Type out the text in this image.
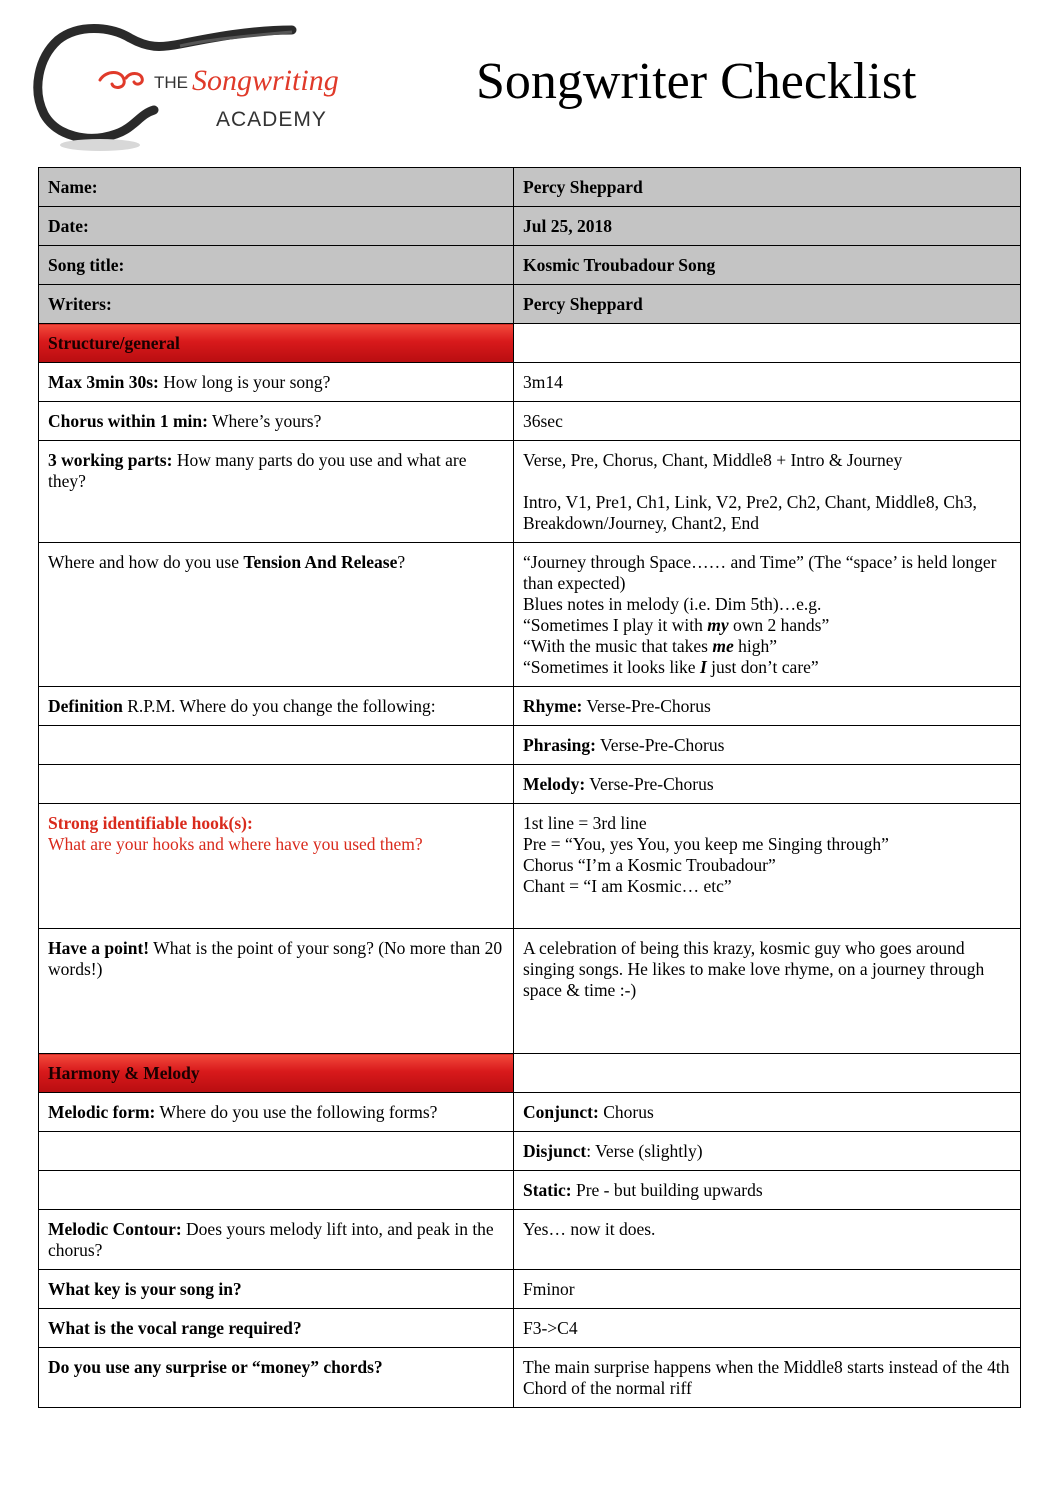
THE Songwriting
ACADEMY
Songwriter Checklist
Name:	Percy Sheppard
Date:	Jul 25, 2018
Song title:	Kosmic Troubadour Song
Writers:	Percy Sheppard
Structure/general	
Max 3min 30s: How long is your song?	3m14
Chorus within 1 min: Where’s yours?	36sec
3 working parts: How many parts do you use and what are they?	Verse, Pre, Chorus, Chant, Middle8 + Intro & Journey
Intro, V1, Pre1, Ch1, Link, V2, Pre2, Ch2, Chant, Middle8, Ch3, Breakdown/Journey, Chant2, End

Where and how do you use Tension And Release?	“Journey through Space…… and Time” (The “space’ is held longer than expected)
Blues notes in melody (i.e. Dim 5th)…e.g.
“Sometimes I play it with my own 2 hands”
“With the music that takes me high”
“Sometimes it looks like I just don’t care”

Definition R.P.M. Where do you change the following:	Rhyme: Verse-Pre-Chorus
	Phrasing: Verse-Pre-Chorus
	Melody: Verse-Pre-Chorus

Strong identifiable hook(s):
What are your hooks and where have you used them?	1st line = 3rd line
Pre = “You, yes You, you keep me Singing through”
Chorus “I’m a Kosmic Troubadour”
Chant = “I am Kosmic… etc”

Have a point! What is the point of your song? (No more than 20 words!)	A celebration of being this krazy, kosmic guy who goes around singing songs. He likes to make love rhyme, on a journey through space & time :-)
Harmony & Melody	
Melodic form: Where do you use the following forms?	Conjunct: Chorus
	Disjunct: Verse (slightly)
	Static: Pre - but building upwards
Melodic Contour: Does yours melody lift into, and peak in the chorus?	Yes… now it does.
What key is your song in?	Fminor
What is the vocal range required?	F3->C4
Do you use any surprise or “money” chords?	The main surprise happens when the Middle8 starts instead of the 4th Chord of the normal riff
